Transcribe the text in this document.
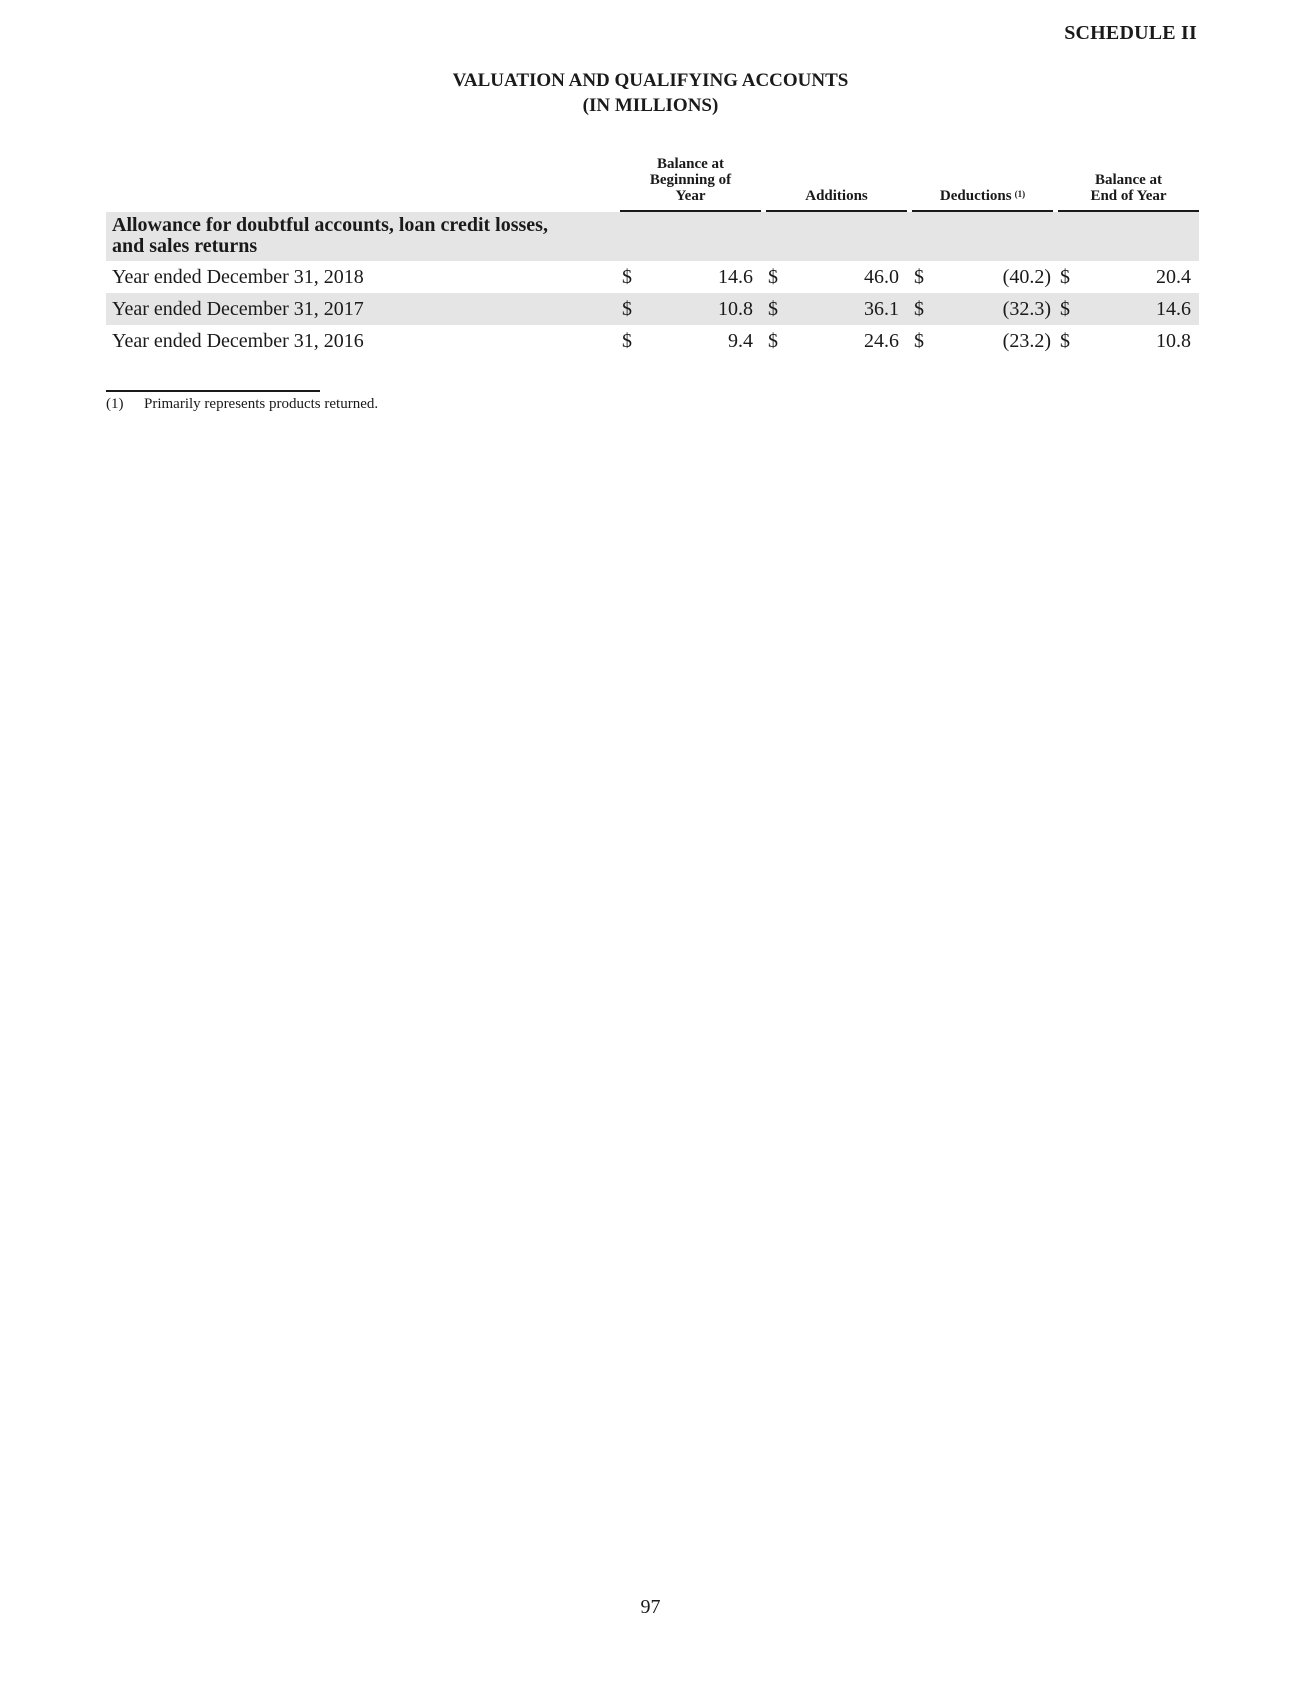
SCHEDULE II
VALUATION AND QUALIFYING ACCOUNTS
(IN MILLIONS)

	Balance at
Beginning of
Year			Additions			Deductions $^{(1)}$			Balance at
End of Year	

Allowance for doubtful accounts, loan credit losses,
and sales returns											

Year ended December 31, 2018	$	14.6		$	46.0		$	(40.2)		$	20.4
Year ended December 31, 2017	$	10.8		$	36.1		$	(32.3)		$	14.6
Year ended December 31, 2016	$	9.4		$	24.6		$	(23.2)		$	10.8
(1) Primarily represents products returned.
97
